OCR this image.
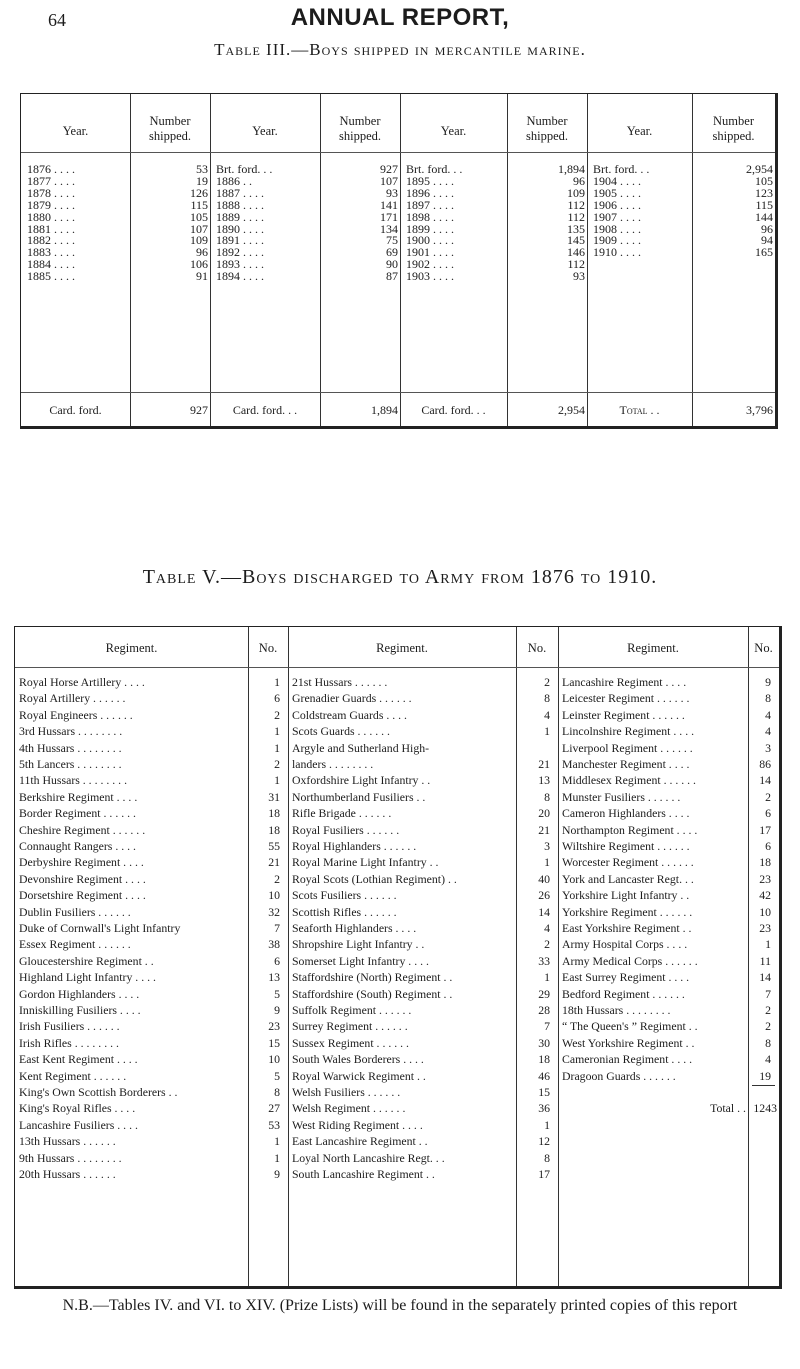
64	ANNUAL REPORT,
Table III.—Boys shipped in mercantile marine.
Year.
Number shipped.
1876 . . . .	53
1877 . . . .	19
1878 . . . .	126
1879 . . . .	115
1880 . . . .	105
1881 . . . .	107
1882 . . . .	109
1883 . . . .	96
1884 . . . .	106
1885 . . . .	91
Card. ford.	927
Year.
Number shipped.
Brt. ford. . .	927
1886 . .	107
1887 . . . .	93
1888 . . . .	141
1889 . . . .	171
1890 . . . .	134
1891 . . . .	75
1892 . . . .	69
1893 . . . .	90
1894 . . . .	87
Card. ford. . .	1,894
Year.
Number shipped.
Brt. ford. . .	1,894
1895 . . . .	96
1896 . . . .	109
1897 . . . .	112
1898 . . . .	112
1899 . . . .	135
1900 . . . .	145
1901 . . . .	146
1902 . . . .	112
1903 . . . .	93
Card. ford. . .	2,954
Year.
Number shipped.
Brt. ford. . .	2,954
1904 . . . .	105
1905 . . . .	123
1906 . . . .	115
1907 . . . .	144
1908 . . . .	96
1909 . . . .	94
1910 . . . .	165
Total . .	3,796
Table V.—Boys discharged to Army from 1876 to 1910.
Regiment.	No.
Royal Horse Artillery . . . .	1
Royal Artillery . . . . . .	6
Royal Engineers . . . . . .	2
3rd Hussars . . . . . . . .	1
4th Hussars . . . . . . . .	1
5th Lancers . . . . . . . .	2
11th Hussars . . . . . . . .	1
Berkshire Regiment . . . .	31
Border Regiment . . . . . .	18
Cheshire Regiment . . . . . .	18
Connaught Rangers . . . .	55
Derbyshire Regiment . . . .	21
Devonshire Regiment . . . .	2
Dorsetshire Regiment . . . .	10
Dublin Fusiliers . . . . . .	32
Duke of Cornwall's Light Infantry	7
Essex Regiment . . . . . .	38
Gloucestershire Regiment . .	6
Highland Light Infantry . . . .	13
Gordon Highlanders . . . .	5
Inniskilling Fusiliers . . . .	9
Irish Fusiliers . . . . . .	23
Irish Rifles . . . . . . . .	15
East Kent Regiment . . . .	10
Kent Regiment . . . . . .	5
King's Own Scottish Borderers . .	8
King's Royal Rifles . . . .	27
Lancashire Fusiliers . . . .	53
13th Hussars . . . . . .	1
9th Hussars . . . . . . . .	1
20th Hussars . . . . . .	9
Regiment.	No.
21st Hussars . . . . . .	2
Grenadier Guards . . . . . .	8
Coldstream Guards . . . .	4
Scots Guards . . . . . .	1
Argyle and Sutherland High-
landers . . . . . . . .	21
Oxfordshire Light Infantry . .	13
Northumberland Fusiliers . .	8
Rifle Brigade . . . . . .	20
Royal Fusiliers . . . . . .	21
Royal Highlanders . . . . . .	3
Royal Marine Light Infantry . .	1
Royal Scots (Lothian Regiment) . .	40
Scots Fusiliers . . . . . .	26
Scottish Rifles . . . . . .	14
Seaforth Highlanders . . . .	4
Shropshire Light Infantry . .	2
Somerset Light Infantry . . . .	33
Staffordshire (North) Regiment . .	1
Staffordshire (South) Regiment . .	29
Suffolk Regiment . . . . . .	28
Surrey Regiment . . . . . .	7
Sussex Regiment . . . . . .	30
South Wales Borderers . . . .	18
Royal Warwick Regiment . .	46
Welsh Fusiliers . . . . . .	15
Welsh Regiment . . . . . .	36
West Riding Regiment . . . .	1
East Lancashire Regiment . .	12
Loyal North Lancashire Regt. . .	8
South Lancashire Regiment . .	17
Regiment.	No.
Lancashire Regiment . . . .	9
Leicester Regiment . . . . . .	8
Leinster Regiment . . . . . .	4
Lincolnshire Regiment . . . .	4
Liverpool Regiment . . . . . .	3
Manchester Regiment . . . .	86
Middlesex Regiment . . . . . .	14
Munster Fusiliers . . . . . .	2
Cameron Highlanders . . . .	6
Northampton Regiment . . . .	17
Wiltshire Regiment . . . . . .	6
Worcester Regiment . . . . . .	18
York and Lancaster Regt. . .	23
Yorkshire Light Infantry . .	42
Yorkshire Regiment . . . . . .	10
East Yorkshire Regiment . .	23
Army Hospital Corps . . . .	1
Army Medical Corps . . . . . .	11
East Surrey Regiment . . . .	14
Bedford Regiment . . . . . .	7
18th Hussars . . . . . . . .	2
“ The Queen's ” Regiment . .	2
West Yorkshire Regiment . .	8
Cameronian Regiment . . . .	4
Dragoon Guards . . . . . .	19
Total . . 1243
N.B.—Tables IV. and VI. to XIV. (Prize Lists) will be found in the separately printed copies of this report
